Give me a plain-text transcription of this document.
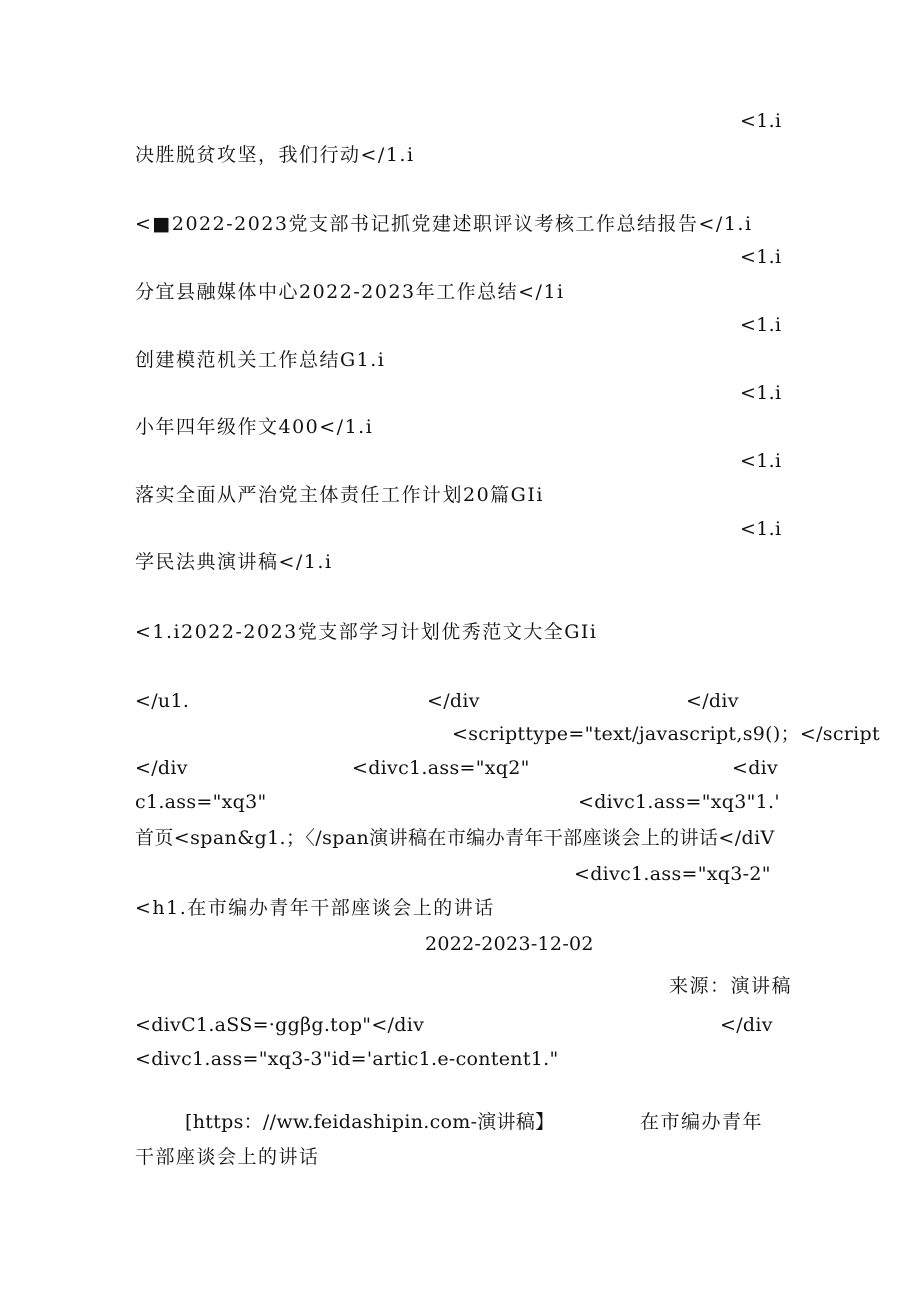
<1.i
决胜脱贫攻坚，我们行动</1.i
<■2022-2023党支部书记抓党建述职评议考核工作总结报告</1.i
<1.i
分宜县融媒体中心2022-2023年工作总结</1i
<1.i
创建模范机关工作总结G1.i
<1.i
小年四年级作文400</1.i
<1.i
落实全面从严治党主体责任工作计划20篇GIi
<1.i
学民法典演讲稿</1.i
<1.i2022-2023党支部学习计划优秀范文大全GIi
</u1.	</div	</div
<scripttype="text/javascript,s9()；</script
</div	<divc1.ass="xq2"	<div
c1.ass="xq3"	<divc1.ass="xq3"1.'
首页<span&g1.；〈/span演讲稿在市编办青年干部座谈会上的讲话</diV
<divc1.ass="xq3-2"
<h1.在市编办青年干部座谈会上的讲话
2022-2023-12-02
来源：演讲稿
<divC1.aSS=·ggβg.top"</div	</div
<divc1.ass="xq3-3"id='artic1.e-content1."
[https：//ww.feidashipin.com-演讲稿】	在市编办青年
干部座谈会上的讲话
